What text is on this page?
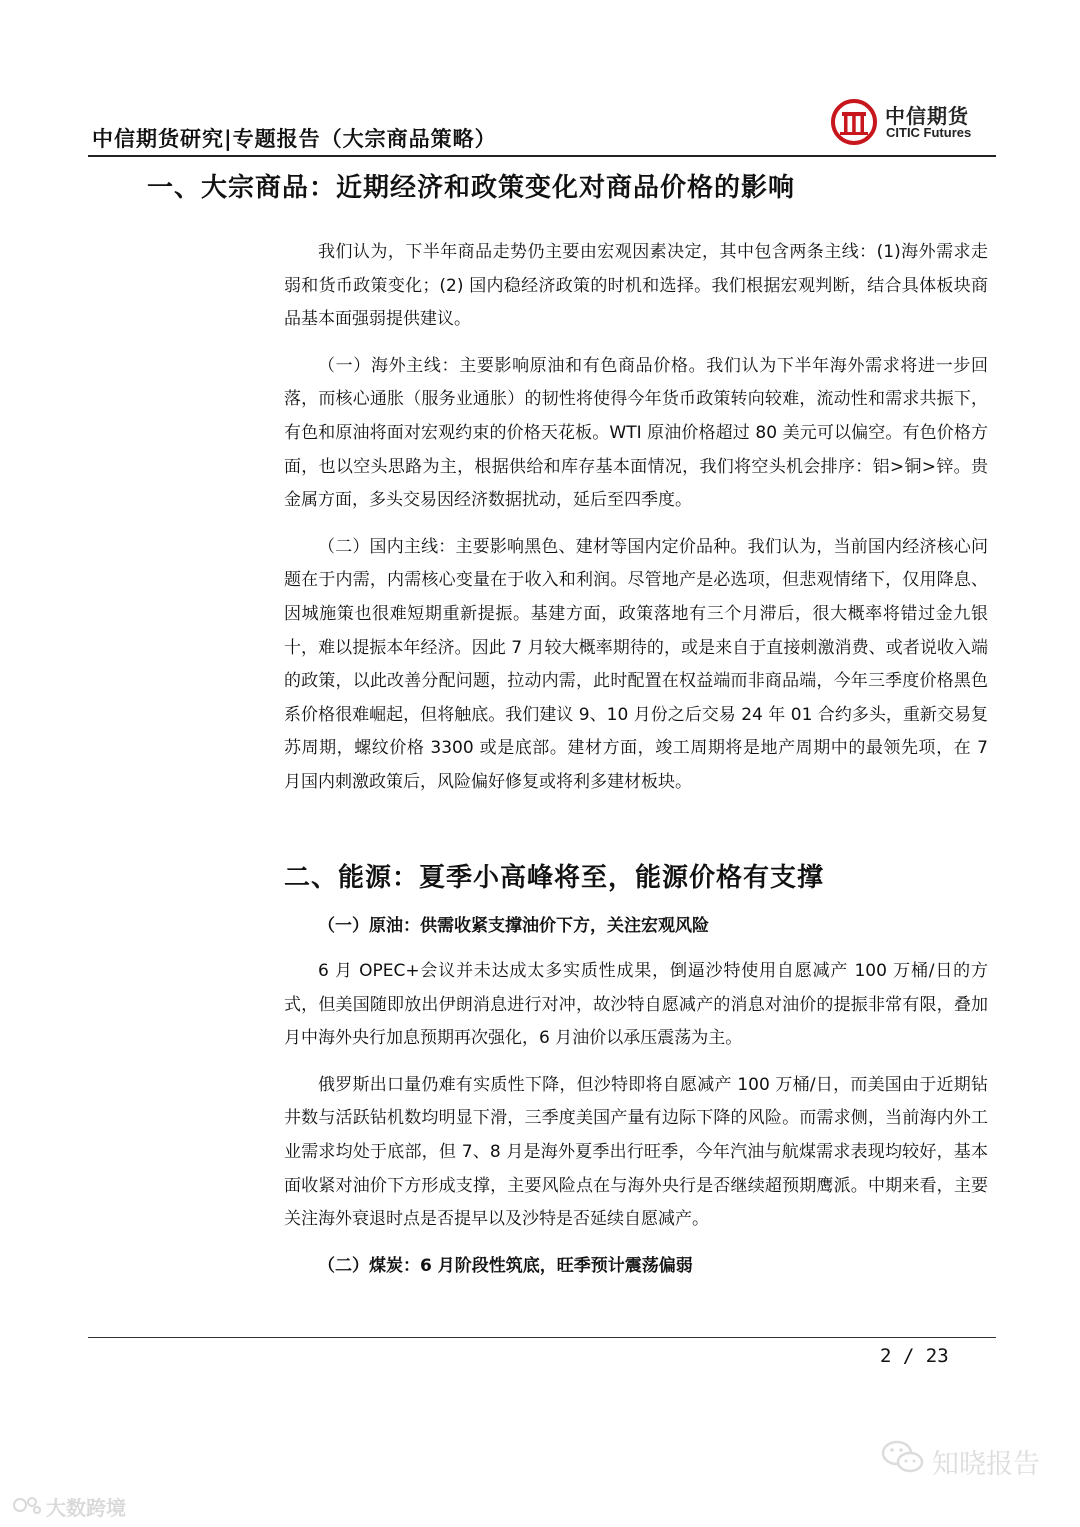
中信期货研究|专题报告（大宗商品策略）
中信期货
CITIC Futures
一、大宗商品：近期经济和政策变化对商品价格的影响

我们认为，下半年商品走势仍主要由宏观因素决定，其中包含两条主线：(1)海外需求走弱和货币政策变化；(2) 国内稳经济政策的时机和选择。我们根据宏观判断，结合具体板块商品基本面强弱提供建议。

（一）海外主线：主要影响原油和有色商品价格。我们认为下半年海外需求将进一步回落，而核心通胀（服务业通胀）的韧性将使得今年货币政策转向较难，流动性和需求共振下，有色和原油将面对宏观约束的价格天花板。WTI 原油价格超过 80 美元可以偏空。有色价格方面，也以空头思路为主，根据供给和库存基本面情况，我们将空头机会排序：铝>铜>锌。贵金属方面，多头交易因经济数据扰动，延后至四季度。

（二）国内主线：主要影响黑色、建材等国内定价品种。我们认为，当前国内经济核心问题在于内需，内需核心变量在于收入和利润。尽管地产是必选项，但悲观情绪下，仅用降息、因城施策也很难短期重新提振。基建方面，政策落地有三个月滞后，很大概率将错过金九银十，难以提振本年经济。因此 7 月较大概率期待的，或是来自于直接刺激消费、或者说收入端的政策，以此改善分配问题，拉动内需，此时配置在权益端而非商品端，今年三季度价格黑色系价格很难崛起，但将触底。我们建议 9、10 月份之后交易 24 年 01 合约多头，重新交易复苏周期，螺纹价格 3300 或是底部。建材方面，竣工周期将是地产周期中的最领先项，在 7 月国内刺激政策后，风险偏好修复或将利多建材板块。

二、能源：夏季小高峰将至，能源价格有支撑

（一）原油：供需收紧支撑油价下方，关注宏观风险

6 月 OPEC+会议并未达成太多实质性成果，倒逼沙特使用自愿减产 100 万桶/日的方式，但美国随即放出伊朗消息进行对冲，故沙特自愿减产的消息对油价的提振非常有限，叠加月中海外央行加息预期再次强化，6 月油价以承压震荡为主。

俄罗斯出口量仍难有实质性下降，但沙特即将自愿减产 100 万桶/日，而美国由于近期钻井数与活跃钻机数均明显下滑，三季度美国产量有边际下降的风险。而需求侧，当前海内外工业需求均处于底部，但 7、8 月是海外夏季出行旺季，今年汽油与航煤需求表现均较好，基本面收紧对油价下方形成支撑，主要风险点在与海外央行是否继续超预期鹰派。中期来看，主要关注海外衰退时点是否提早以及沙特是否延续自愿减产。

（二）煤炭：6 月阶段性筑底，旺季预计震荡偏弱

2 / 23
大数跨境
知晓报告
